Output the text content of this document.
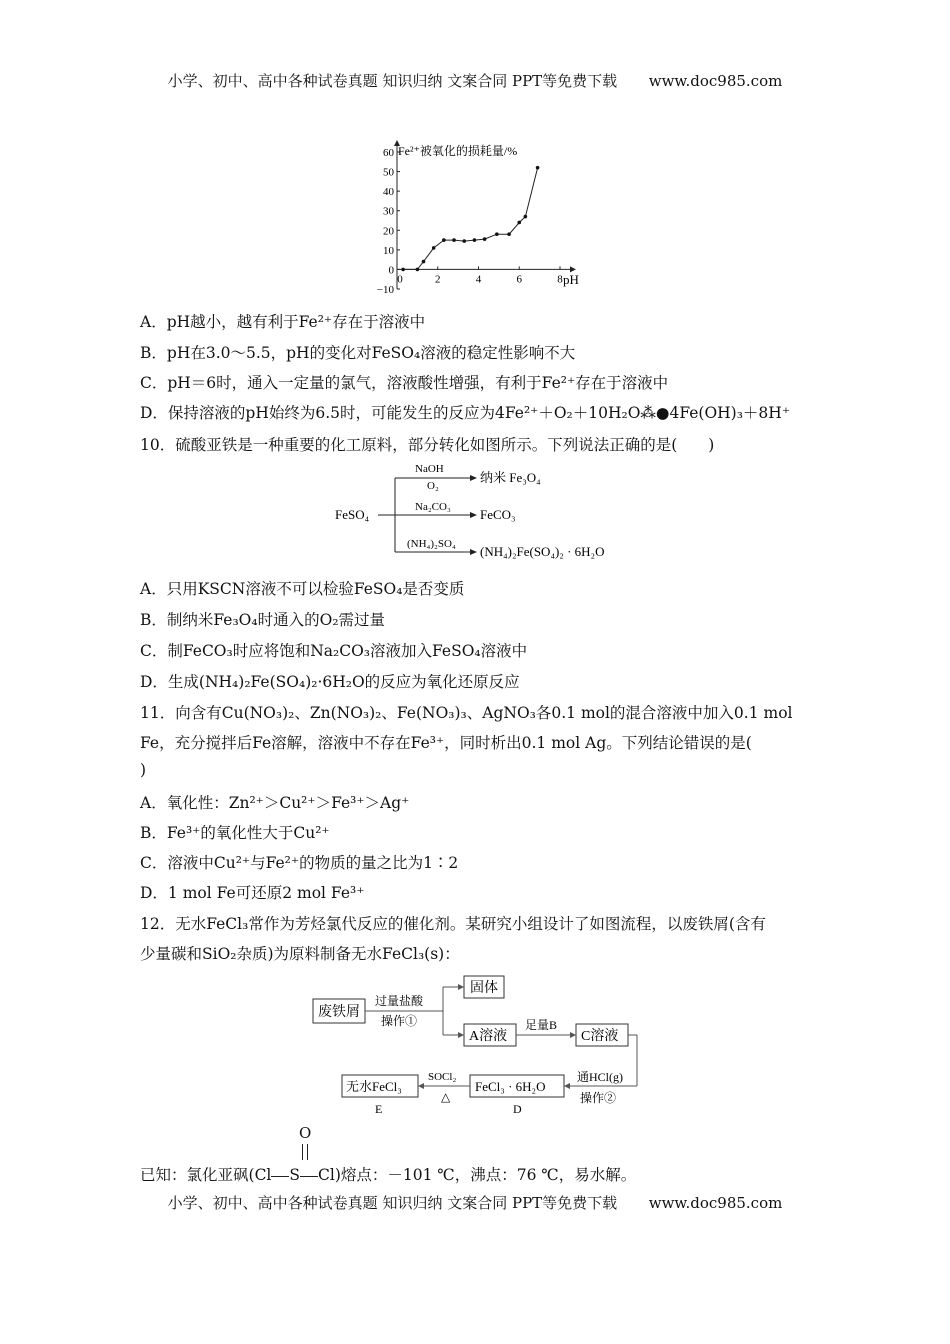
小学、初中、高中各种试卷真题 知识归纳 文案合同 PPT等免费下载 www.doc985.com
60
50
40
30
20
10
0
−10
0	2	4	6	8
Fe²⁺被氧化的损耗量/%
pH
A．pH越小，越有利于Fe²⁺存在于溶液中
B．pH在3.0～5.5，pH的变化对FeSO₄溶液的稳定性影响不大
C．pH＝6时，通入一定量的氯气，溶液酸性增强，有利于Fe²⁺存在于溶液中
D．保持溶液的pH始终为6.5时，可能发生的反应为4Fe²⁺＋O₂＋10H₂O⁂●4Fe(OH)₃＋8H⁺
10．硫酸亚铁是一种重要的化工原料，部分转化如图所示。下列说法正确的是(　　)
FeSO₄
NaOH
O₂
纳米 Fe₃O₄
Na₂CO₃ FeCO₃
(NH₄)₂SO₄ (NH₄)₂Fe(SO₄)₂ · 6H₂O
A．只用KSCN溶液不可以检验FeSO₄是否变质
B．制纳米Fe₃O₄时通入的O₂需过量
C．制FeCO₃时应将饱和Na₂CO₃溶液加入FeSO₄溶液中
D．生成(NH₄)₂Fe(SO₄)₂·6H₂O的反应为氧化还原反应
11．向含有Cu(NO₃)₂、Zn(NO₃)₂、Fe(NO₃)₃、AgNO₃各0.1 mol的混合溶液中加入0.1 mol
Fe，充分搅拌后Fe溶解，溶液中不存在Fe³⁺，同时析出0.1 mol Ag。下列结论错误的是(
)
A．氧化性：Zn²⁺＞Cu²⁺＞Fe³⁺＞Ag⁺
B．Fe³⁺的氧化性大于Cu²⁺
C．溶液中Cu²⁺与Fe²⁺的物质的量之比为1∶2
D．1 mol Fe可还原2 mol Fe³⁺
12．无水FeCl₃常作为芳烃氯代反应的催化剂。某研究小组设计了如图流程，以废铁屑(含有
少量碳和SiO₂杂质)为原料制备无水FeCl₃(s)：
废铁屑
固体
A溶液	C溶液
FeCl₃ · 6H₂O
D
无水FeCl₃
E
过量盐酸
操作①	足量B
通HCl(g)
操作②
SOCl₂
△
已知：氯化亚砜(Cl S Cl)熔点：－101 ℃，沸点：76 ℃，易水解。
O
小学、初中、高中各种试卷真题 知识归纳 文案合同 PPT等免费下载 www.doc985.com
